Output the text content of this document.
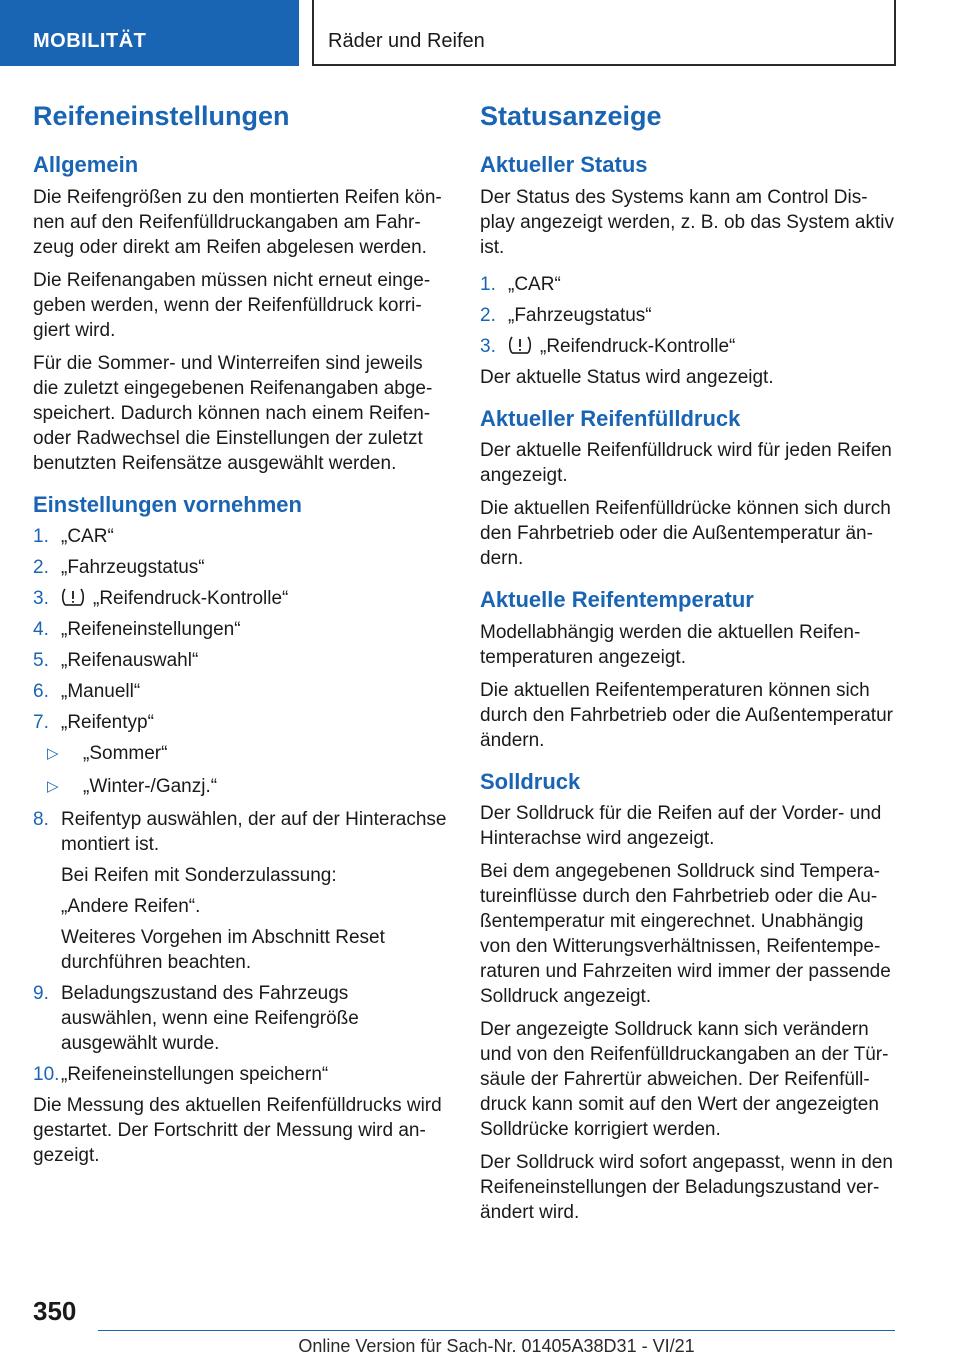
MOBILITÄT	Räder und Reifen
Reifeneinstellungen
Allgemein

Die Reifengrößen zu den montierten Reifen können auf den Reifenfülldruckangaben am Fahrzeug oder direkt am Reifen abgelesen werden.

Die Reifenangaben müssen nicht erneut eingegeben werden, wenn der Reifenfülldruck korrigiert wird.

Für die Sommer- und Winterreifen sind jeweils die zuletzt eingegebenen Reifenangaben abgespeichert. Dadurch können nach einem Reifen- oder Radwechsel die Einstellungen der zuletzt benutzten Reifensätze ausgewählt werden.

Einstellungen vornehmen
1. „CAR“
2. „Fahrzeugstatus“
3. „Reifendruck-Kontrolle“
4. „Reifeneinstellungen“
5. „Reifenauswahl“
6. „Manuell“
7. „Reifentyp“
▷ „Sommer“
▷ „Winter-/Ganzj.“
8. Reifentyp auswählen, der auf der Hinterachse montiert ist.
Bei Reifen mit Sonderzulassung:
„Andere Reifen“.
Weiteres Vorgehen im Abschnitt Reset durchführen beachten.
9. Beladungszustand des Fahrzeugs auswählen, wenn eine Reifengröße ausgewählt wurde.
10. „Reifeneinstellungen speichern“

Die Messung des aktuellen Reifenfülldrucks wird gestartet. Der Fortschritt der Messung wird angezeigt.

Statusanzeige
Aktueller Status

Der Status des Systems kann am Control Display angezeigt werden, z. B. ob das System aktiv ist.

1. „CAR“
2. „Fahrzeugstatus“
3. „Reifendruck-Kontrolle“

Der aktuelle Status wird angezeigt.

Aktueller Reifenfülldruck

Der aktuelle Reifenfülldruck wird für jeden Reifen angezeigt.

Die aktuellen Reifenfülldrücke können sich durch den Fahrbetrieb oder die Außentemperatur ändern.

Aktuelle Reifentemperatur

Modellabhängig werden die aktuellen Reifentemperaturen angezeigt.

Die aktuellen Reifentemperaturen können sich durch den Fahrbetrieb oder die Außentemperatur ändern.

Solldruck

Der Solldruck für die Reifen auf der Vorder- und Hinterachse wird angezeigt.

Bei dem angegebenen Solldruck sind Temperatureinflüsse durch den Fahrbetrieb oder die Außentemperatur mit eingerechnet. Unabhängig von den Witterungsverhältnissen, Reifentemperaturen und Fahrzeiten wird immer der passende Solldruck angezeigt.

Der angezeigte Solldruck kann sich verändern und von den Reifenfülldruckangaben an der Türsäule der Fahrertür abweichen. Der Reifenfülldruck kann somit auf den Wert der angezeigten Solldrücke korrigiert werden.

Der Solldruck wird sofort angepasst, wenn in den Reifeneinstellungen der Beladungszustand verändert wird.

350
Online Version für Sach-Nr. 01405A38D31 - VI/21
